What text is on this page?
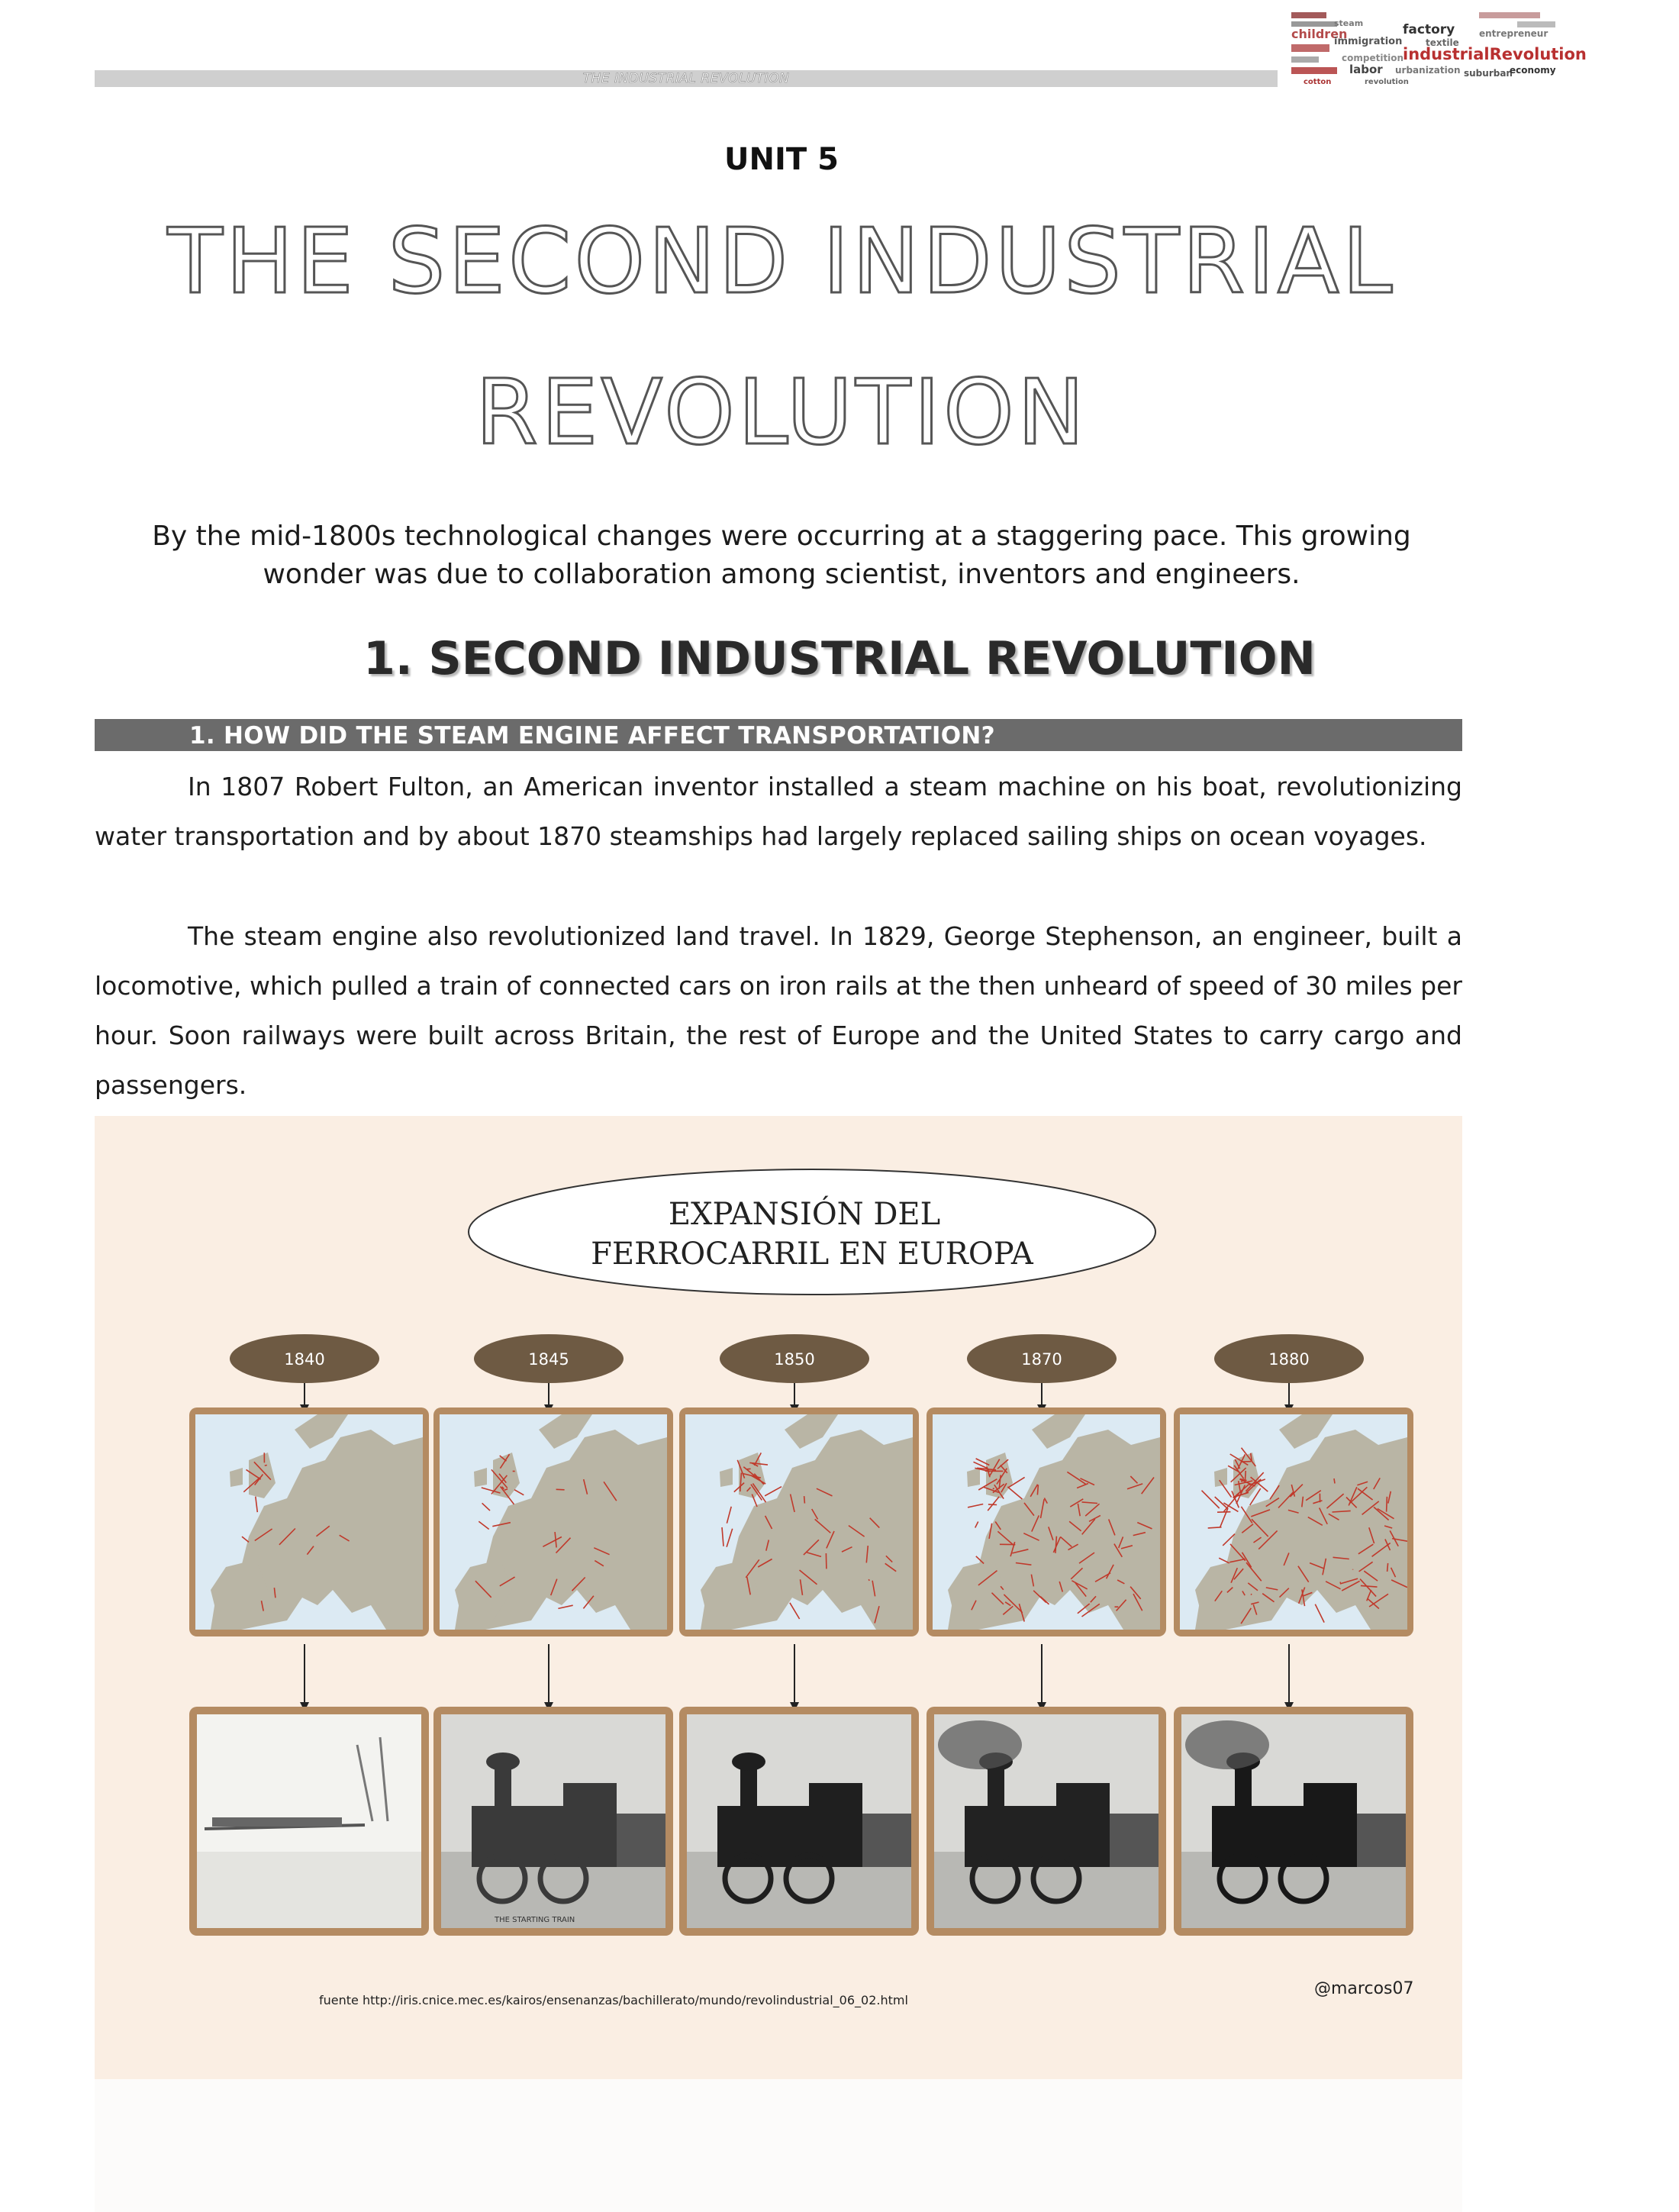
THE INDUSTRIAL REVOLUTION
children
immigration
factory
textile
entrepreneur
industrialRevolution
competition
urbanization
labor	suburban
economy
steam
cotton	revolution
UNIT 5
THE SECOND INDUSTRIAL
REVOLUTION
By the mid-1800s technological changes were occurring at a staggering pace. This growing
wonder was due to collaboration among scientist, inventors and engineers.
1. SECOND INDUSTRIAL REVOLUTION
1. HOW DID THE STEAM ENGINE AFFECT TRANSPORTATION?
In 1807 Robert Fulton, an American inventor installed a steam machine on his boat, revolutionizing water transportation and by about 1870 steamships had largely replaced sailing ships on ocean voyages.
The steam engine also revolutionized land travel. In 1829, George Stephenson, an engineer, built a locomotive, which pulled a train of connected cars on iron rails at the then unheard of speed of 30 miles per hour. Soon railways were built across Britain, the rest of Europe and the United States to carry cargo and passengers.
EXPANSIÓN DEL
FERROCARRIL EN EUROPA
1840	1845
THE STARTING TRAIN
1850	1870	1880
fuente http://iris.cnice.mec.es/kairos/ensenanzas/bachillerato/mundo/revolindustrial_06_02.html
@marcos07
